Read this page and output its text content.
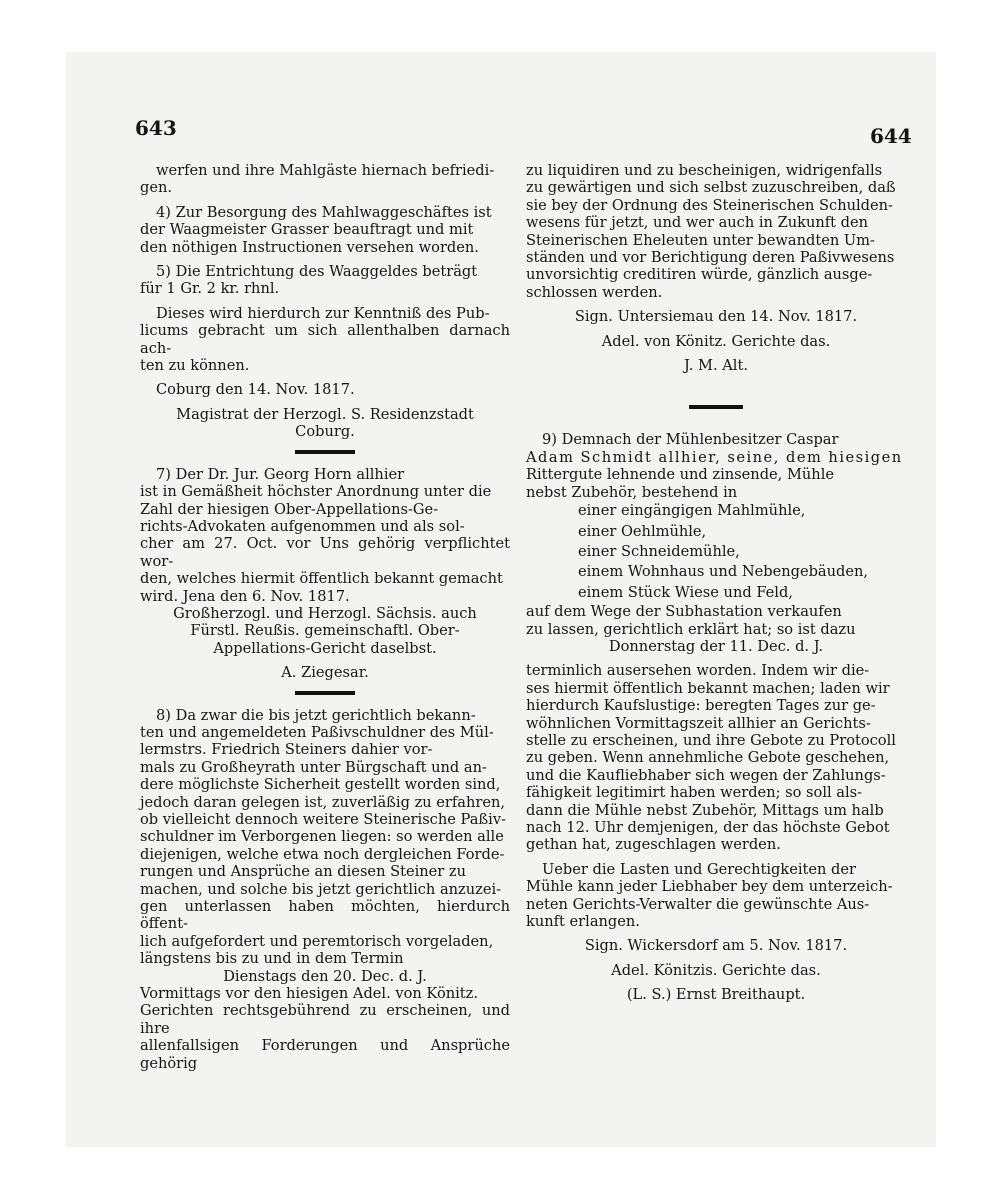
643	644

werfen und ihre Mahlgäste hiernach befriedi-

gen.

4) Zur Besorgung des Mahlwaggeschäftes ist

der Waagmeister Grasser beauftragt und mit

den nöthigen Instructionen versehen worden.

5) Die Entrichtung des Waaggeldes beträgt

für 1 Gr. 2 kr. rhnl.

Dieses wird hierdurch zur Kenntniß des Pub-

licums gebracht um sich allenthalben darnach ach-

ten zu können.

Coburg den 14. Nov. 1817.

Magistrat der Herzogl. S. Residenzstadt

Coburg.

7) Der Dr. Jur. Georg Horn allhier

ist in Gemäßheit höchster Anordnung unter die

Zahl der hiesigen Ober-Appellations-Ge-

richts-Advokaten aufgenommen und als sol-

cher am 27. Oct. vor Uns gehörig verpflichtet wor-

den, welches hiermit öffentlich bekannt gemacht

wird. Jena den 6. Nov. 1817.

Großherzogl. und Herzogl. Sächsis. auch

Fürstl. Reußis. gemeinschaftl. Ober-

Appellations-Gericht daselbst.

A. Ziegesar.

8) Da zwar die bis jetzt gerichtlich bekann-

ten und angemeldeten Paßivschuldner des Mül-

lermstrs. Friedrich Steiners dahier vor-

mals zu Großheyrath unter Bürgschaft und an-

dere möglichste Sicherheit gestellt worden sind,

jedoch daran gelegen ist, zuverläßig zu erfahren,

ob vielleicht dennoch weitere Steinerische Paßiv-

schuldner im Verborgenen liegen: so werden alle

diejenigen, welche etwa noch dergleichen Forde-

rungen und Ansprüche an diesen Steiner zu

machen, und solche bis jetzt gerichtlich anzuzei-

gen unterlassen haben möchten, hierdurch öffent-

lich aufgefordert und peremtorisch vorgeladen,

längstens bis zu und in dem Termin

Dienstags den 20. Dec. d. J.

Vormittags vor den hiesigen Adel. von Könitz.

Gerichten rechtsgebührend zu erscheinen, und ihre

allenfallsigen Forderungen und Ansprüche gehörig

zu liquidiren und zu bescheinigen, widrigenfalls

zu gewärtigen und sich selbst zuzuschreiben, daß

sie bey der Ordnung des Steinerischen Schulden-

wesens für jetzt, und wer auch in Zukunft den

Steinerischen Eheleuten unter bewandten Um-

ständen und vor Berichtigung deren Paßivwesens

unvorsichtig creditiren würde, gänzlich ausge-

schlossen werden.

Sign. Untersiemau den 14. Nov. 1817.

Adel. von Könitz. Gerichte das.

J. M. Alt.

9) Demnach der Mühlenbesitzer Caspar

Adam Schmidt allhier, seine, dem hiesigen

Rittergute lehnende und zinsende, Mühle

nebst Zubehör, bestehend in

einer eingängigen Mahlmühle,
einer Oehlmühle,
einer Schneidemühle,
einem Wohnhaus und Nebengebäuden,
einem Stück Wiese und Feld,

auf dem Wege der Subhastation verkaufen

zu lassen, gerichtlich erklärt hat; so ist dazu

Donnerstag der 11. Dec. d. J.

terminlich ausersehen worden. Indem wir die-

ses hiermit öffentlich bekannt machen; laden wir

hierdurch Kaufslustige: beregten Tages zur ge-

wöhnlichen Vormittagszeit allhier an Gerichts-

stelle zu erscheinen, und ihre Gebote zu Protocoll

zu geben. Wenn annehmliche Gebote geschehen,

und die Kaufliebhaber sich wegen der Zahlungs-

fähigkeit legitimirt haben werden; so soll als-

dann die Mühle nebst Zubehör, Mittags um halb

nach 12. Uhr demjenigen, der das höchste Gebot

gethan hat, zugeschlagen werden.

Ueber die Lasten und Gerechtigkeiten der

Mühle kann jeder Liebhaber bey dem unterzeich-

neten Gerichts-Verwalter die gewünschte Aus-

kunft erlangen.

Sign. Wickersdorf am 5. Nov. 1817.

Adel. Könitzis. Gerichte das.

(L. S.) Ernst Breithaupt.
